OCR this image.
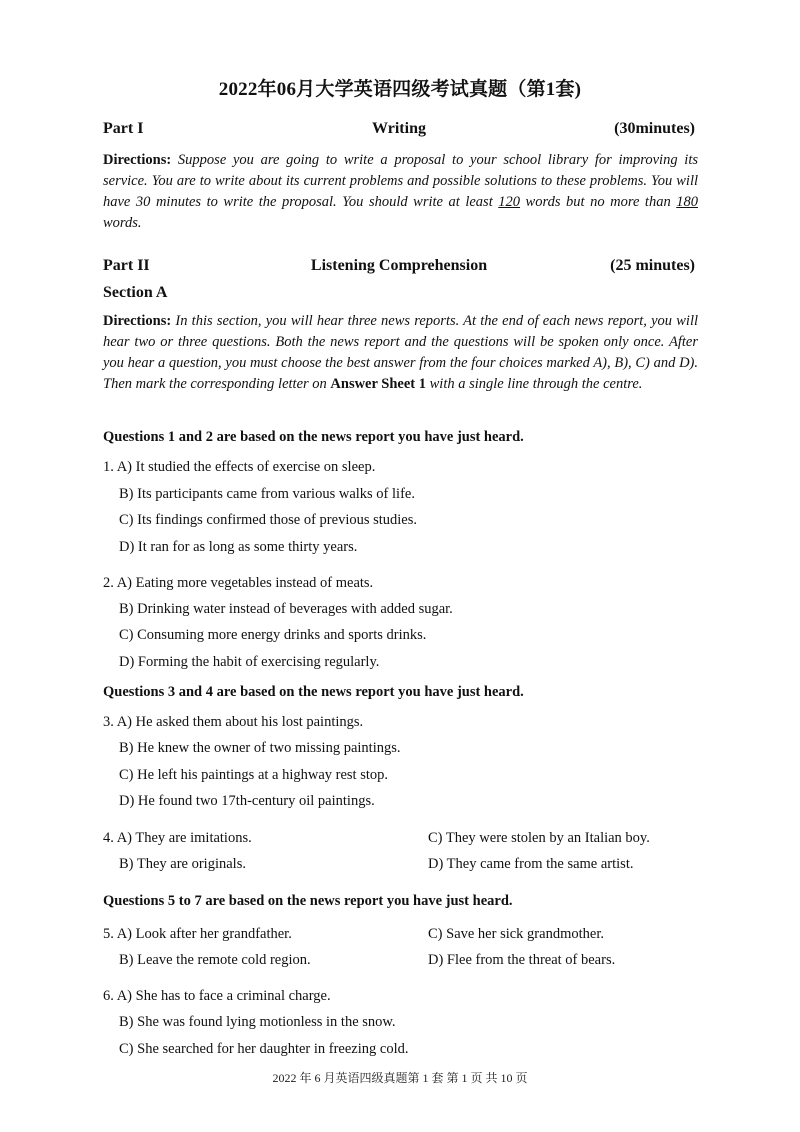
2022年06月大学英语四级考试真题（第1套)
Part I	Writing	(30minutes)
Directions: Suppose you are going to write a proposal to your school library for improving its service. You are to write about its current problems and possible solutions to these problems. You will have 30 minutes to write the proposal. You should write at least 120 words but no more than 180 words.
Part II	Listening Comprehension	(25 minutes)
Section A
Directions: In this section, you will hear three news reports. At the end of each news report, you will hear two or three questions. Both the news report and the questions will be spoken only once. After you hear a question, you must choose the best answer from the four choices marked A), B), C) and D). Then mark the corresponding letter on Answer Sheet 1 with a single line through the centre.
Questions 1 and 2 are based on the news report you have just heard.
1. A) It studied the effects of exercise on sleep.
B) Its participants came from various walks of life.
C) Its findings confirmed those of previous studies.
D) It ran for as long as some thirty years.
2. A) Eating more vegetables instead of meats.
B) Drinking water instead of beverages with added sugar.
C) Consuming more energy drinks and sports drinks.
D) Forming the habit of exercising regularly.
Questions 3 and 4 are based on the news report you have just heard.
3. A) He asked them about his lost paintings.
B) He knew the owner of two missing paintings.
C) He left his paintings at a highway rest stop.
D) He found two 17th-century oil paintings.
4. A) They are imitations.	C) They were stolen by an Italian boy.
B) They are originals.	D) They came from the same artist.
Questions 5 to 7 are based on the news report you have just heard.
5. A) Look after her grandfather.	C) Save her sick grandmother.
B) Leave the remote cold region.	D) Flee from the threat of bears.
6. A) She has to face a criminal charge.
B) She was found lying motionless in the snow.
C) She searched for her daughter in freezing cold.
2022 年 6 月英语四级真题第 1 套 第 1 页 共 10 页
